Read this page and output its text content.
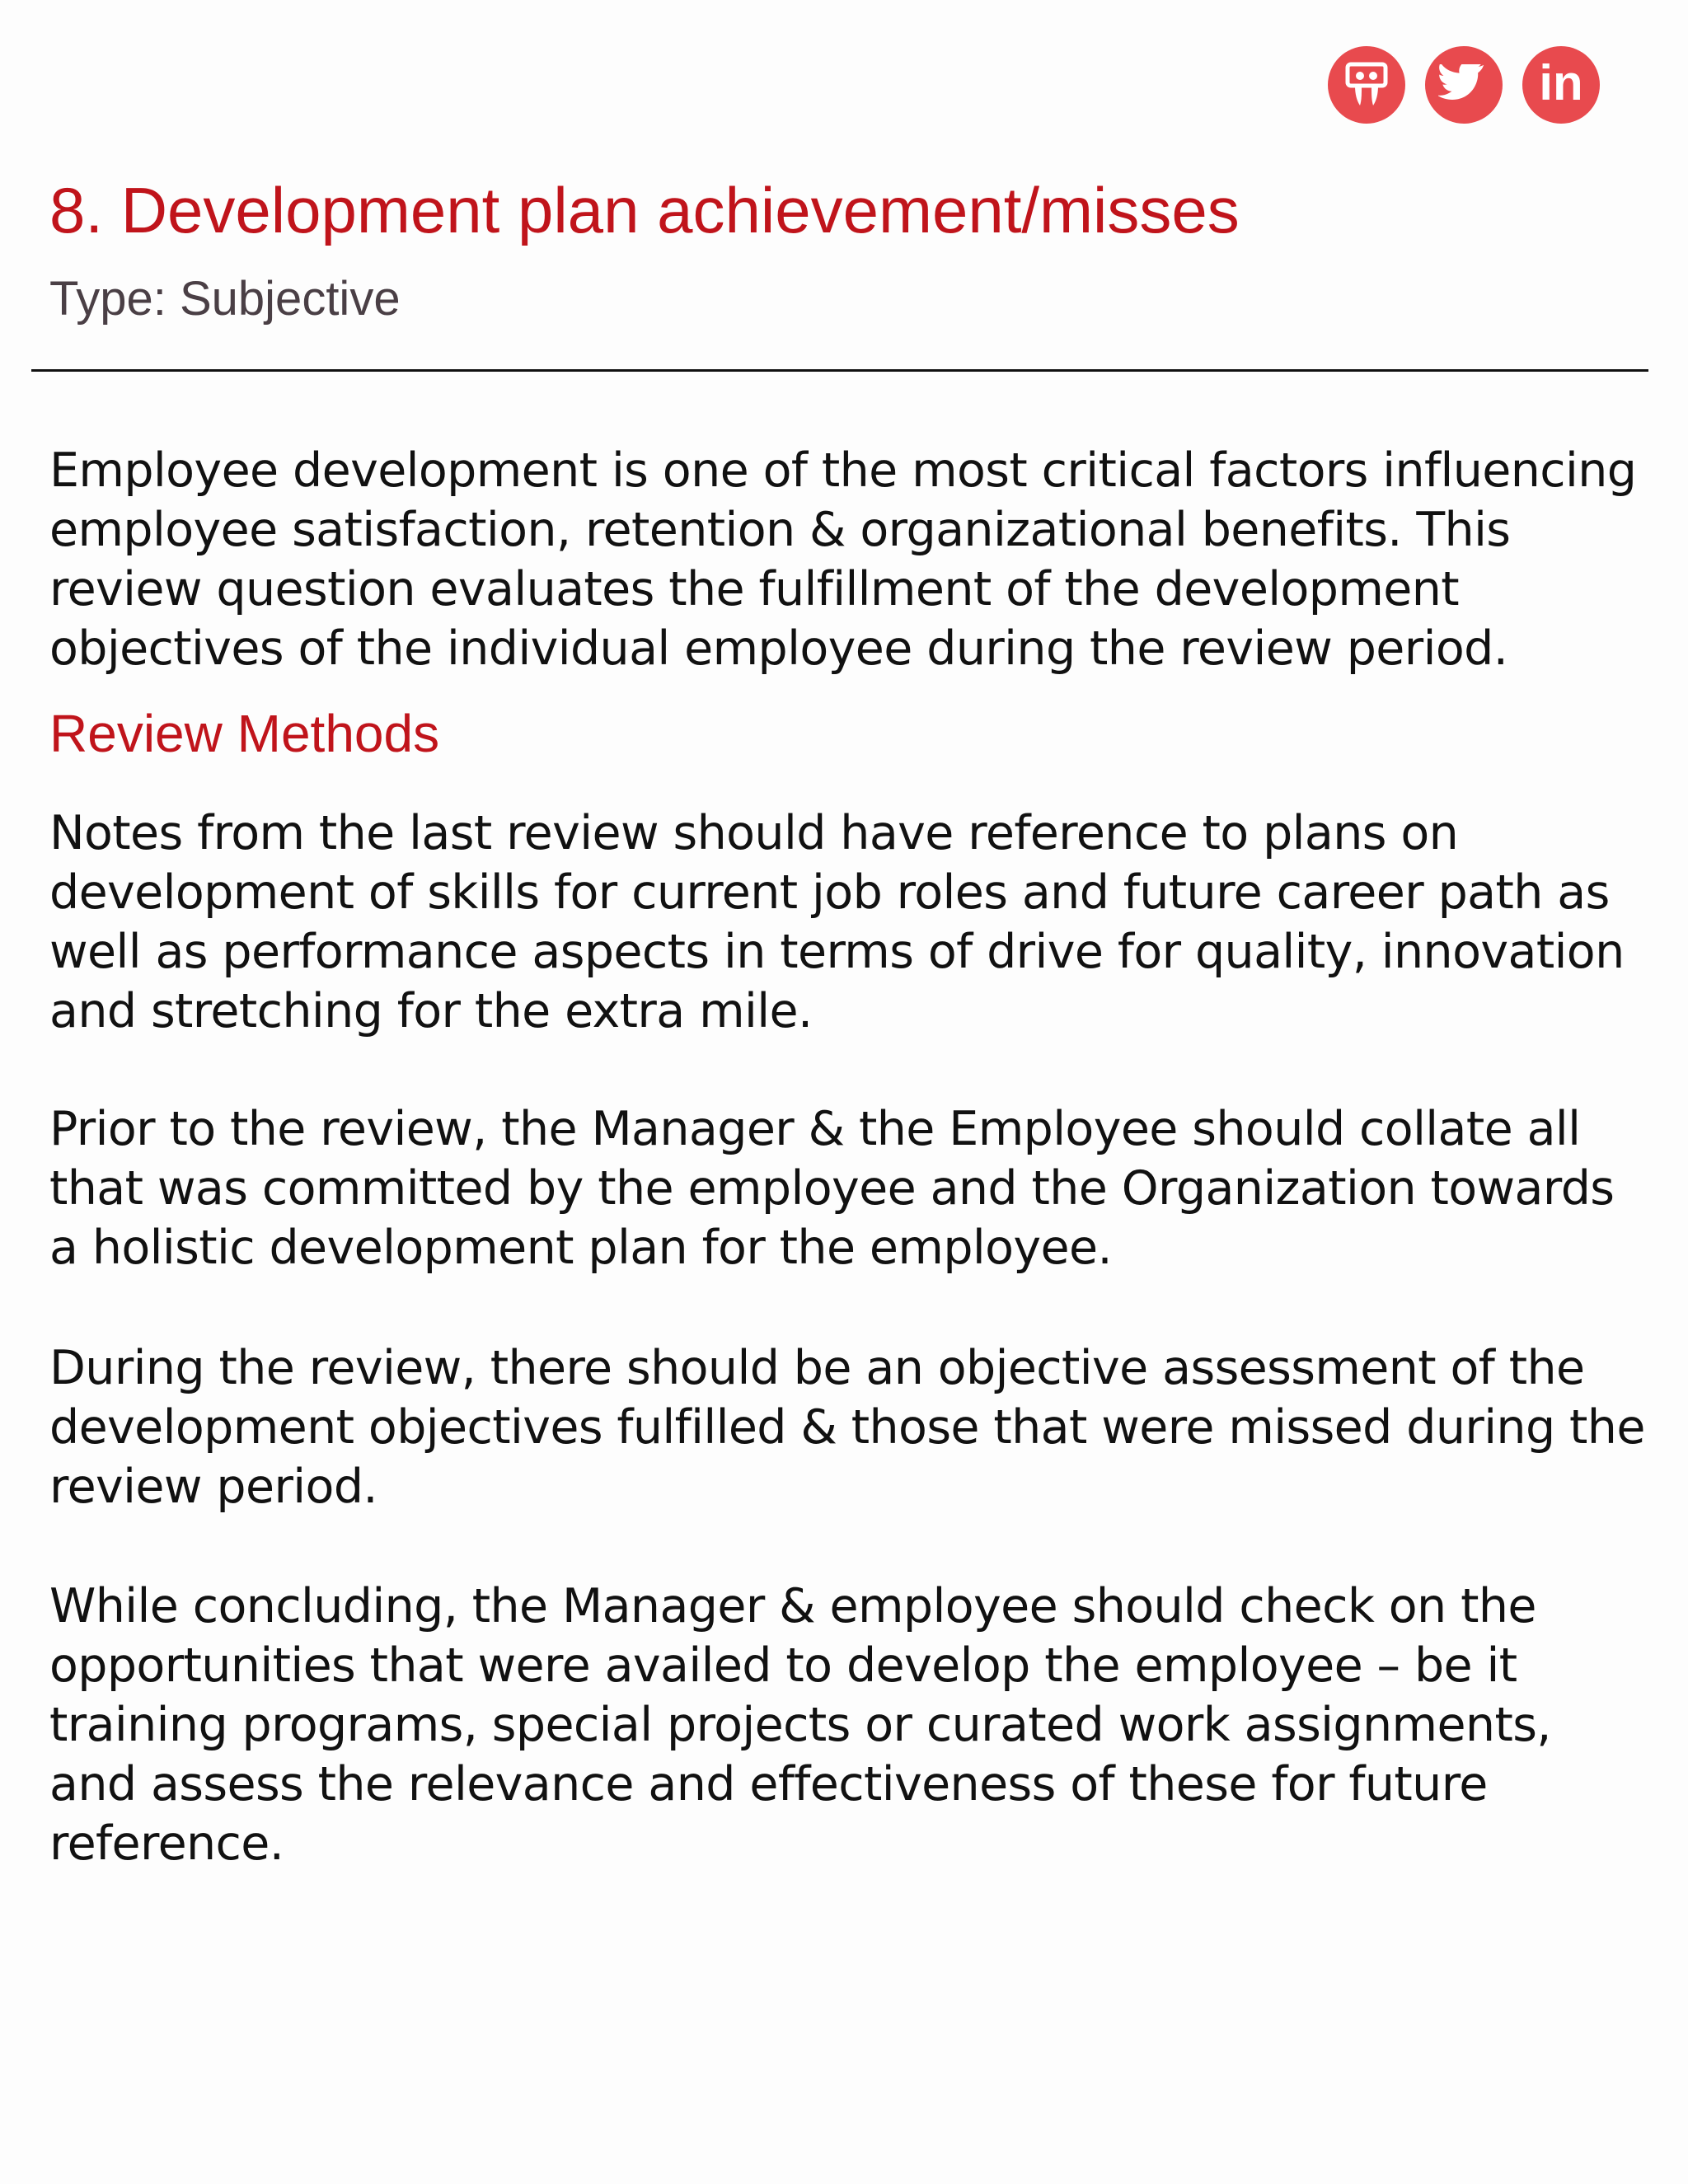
in
8. Development plan achievement/misses

Type: Subjective

Employee development is one of the most critical factors influencing employee satisfaction, retention & organizational benefits. This review question evaluates the fulfillment of the development objectives of the individual employee during the review period.

Review Methods

Notes from the last review should have reference to plans on development of skills for current job roles and future career path as well as performance aspects in terms of drive for quality, innovation and stretching for the extra mile.

Prior to the review, the Manager & the Employee should collate all that was committed by the employee and the Organization towards a holistic development plan for the employee.

During the review, there should be an objective assessment of the development objectives fulfilled & those that were missed during the review period.

While concluding, the Manager & employee should check on the opportunities that were availed to develop the employee – be it training programs, special projects or curated work assignments, and assess the relevance and effectiveness of these for future reference.
